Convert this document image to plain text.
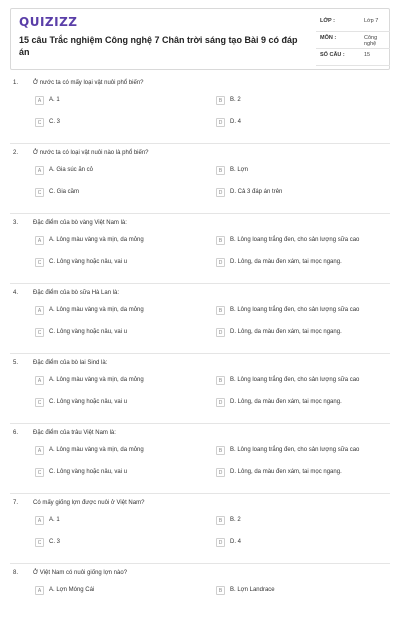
QUIZIZZ
15 câu Trắc nghiệm Công nghệ 7 Chân trời sáng tạo Bài 9 có đáp án
LỚP :	Lớp 7
MÔN :	Công nghệ
SỐ CÂU :	15
1. Ở nước ta có mấy loại vật nuôi phổ biến?
A	A. 1	B	B. 2
C	C. 3	D	D. 4
2. Ở nước ta có loại vật nuôi nào là phổ biến?
A	A. Gia súc ăn cỏ	B	B. Lợn
C	C. Gia cầm	D	D. Cả 3 đáp án trên
3. Đặc điểm của bò vàng Việt Nam là:
A	A. Lông màu vàng và mịn, da mỏng	B	B. Lông loang trắng đen, cho sản lượng sữa cao
C	C. Lông vàng hoặc nâu, vai u	D	D. Lông, da màu đen xám, tai mọc ngang.
4. Đặc điểm của bò sữa Hà Lan là:
A	A. Lông màu vàng và mịn, da mỏng	B	B. Lông loang trắng đen, cho sản lượng sữa cao
C	C. Lông vàng hoặc nâu, vai u	D	D. Lông, da màu đen xám, tai mọc ngang.
5. Đặc điểm của bò lai Sind là:
A	A. Lông màu vàng và mịn, da mỏng	B	B. Lông loang trắng đen, cho sản lượng sữa cao
C	C. Lông vàng hoặc nâu, vai u	D	D. Lông, da màu đen xám, tai mọc ngang.
6. Đặc điểm của trâu Việt Nam là:
A	A. Lông màu vàng và mịn, da mỏng	B	B. Lông loang trắng đen, cho sản lượng sữa cao
C	C. Lông vàng hoặc nâu, vai u	D	D. Lông, da màu đen xám, tai mọc ngang.
7. Có mấy giống lợn được nuôi ở Việt Nam?
A	A. 1	B	B. 2
C	C. 3	D	D. 4
8. Ở Việt Nam có nuôi giống lợn nào?
A	A. Lợn Móng Cái	B	B. Lợn Landrace
